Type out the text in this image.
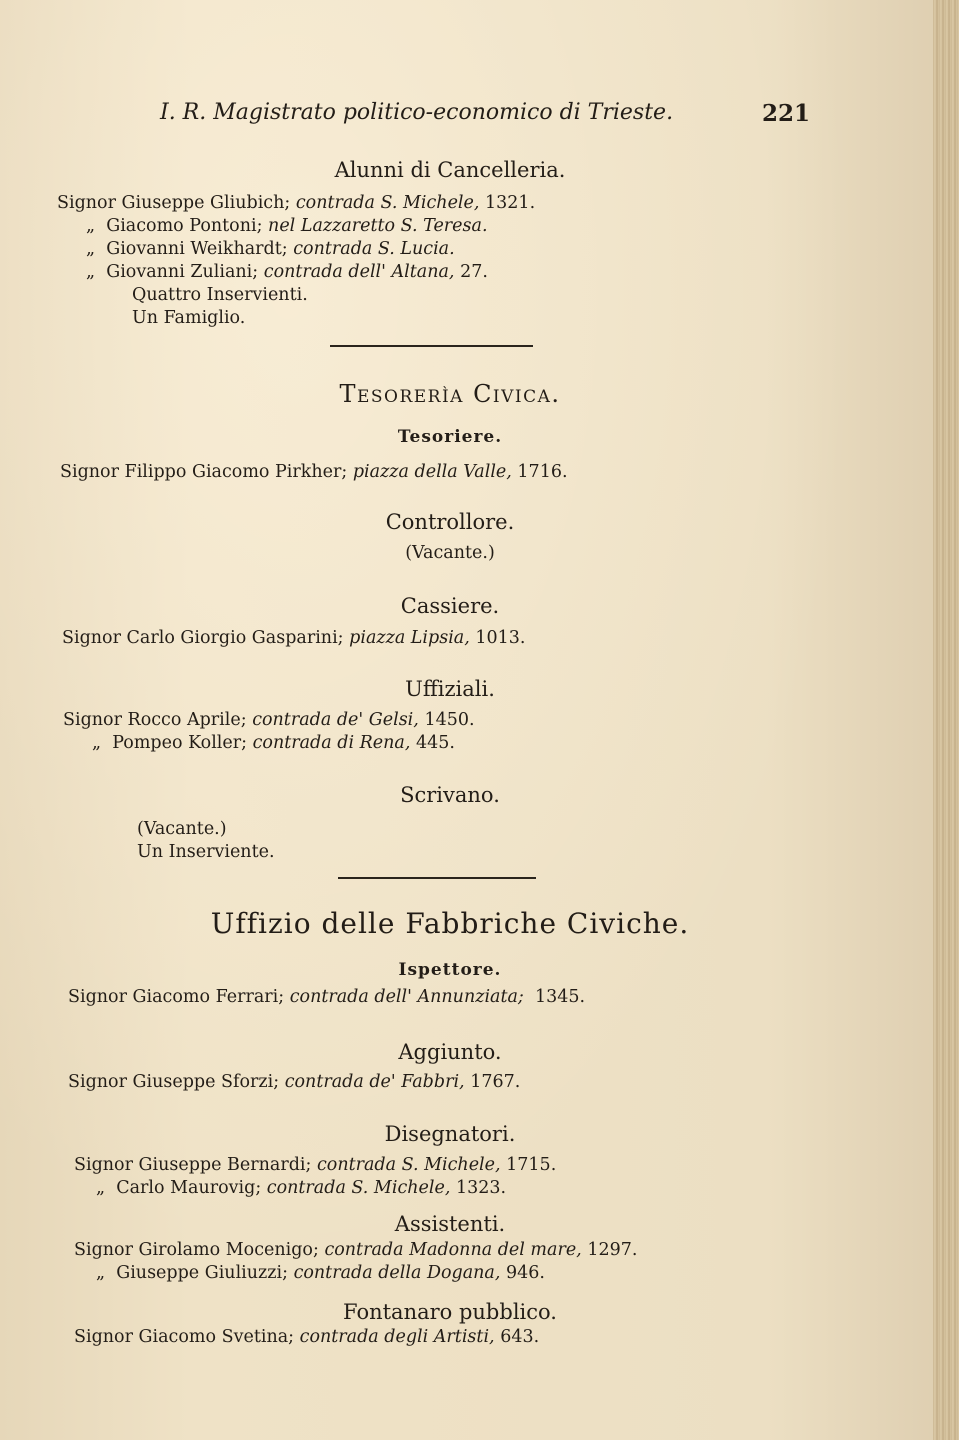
I. R. Magistrato politico-economico di Trieste.	221
Alunni di Cancelleria.
Signor Giuseppe Gliubich; contrada S. Michele, 1321.
„ Giacomo Pontoni; nel Lazzaretto S. Teresa.
„ Giovanni Weikhardt; contrada S. Lucia.
„ Giovanni Zuliani; contrada dell' Altana, 27.
Quattro Inservienti.
Un Famiglio.
Tesorerìa Civica.
Tesoriere.
Signor Filippo Giacomo Pirkher; piazza della Valle, 1716.
Controllore.
(Vacante.)
Cassiere.
Signor Carlo Giorgio Gasparini; piazza Lipsia, 1013.
Uffiziali.
Signor Rocco Aprile; contrada de' Gelsi, 1450.
„ Pompeo Koller; contrada di Rena, 445.
Scrivano.
(Vacante.)
Un Inserviente.
Uffizio delle Fabbriche Civiche.
Ispettore.
Signor Giacomo Ferrari; contrada dell' Annunziata; 1345.
Aggiunto.
Signor Giuseppe Sforzi; contrada de' Fabbri, 1767.
Disegnatori.
Signor Giuseppe Bernardi; contrada S. Michele, 1715.
„ Carlo Maurovig; contrada S. Michele, 1323.
Assistenti.
Signor Girolamo Mocenigo; contrada Madonna del mare, 1297.
„ Giuseppe Giuliuzzi; contrada della Dogana, 946.
Fontanaro pubblico.
Signor Giacomo Svetina; contrada degli Artisti, 643.
